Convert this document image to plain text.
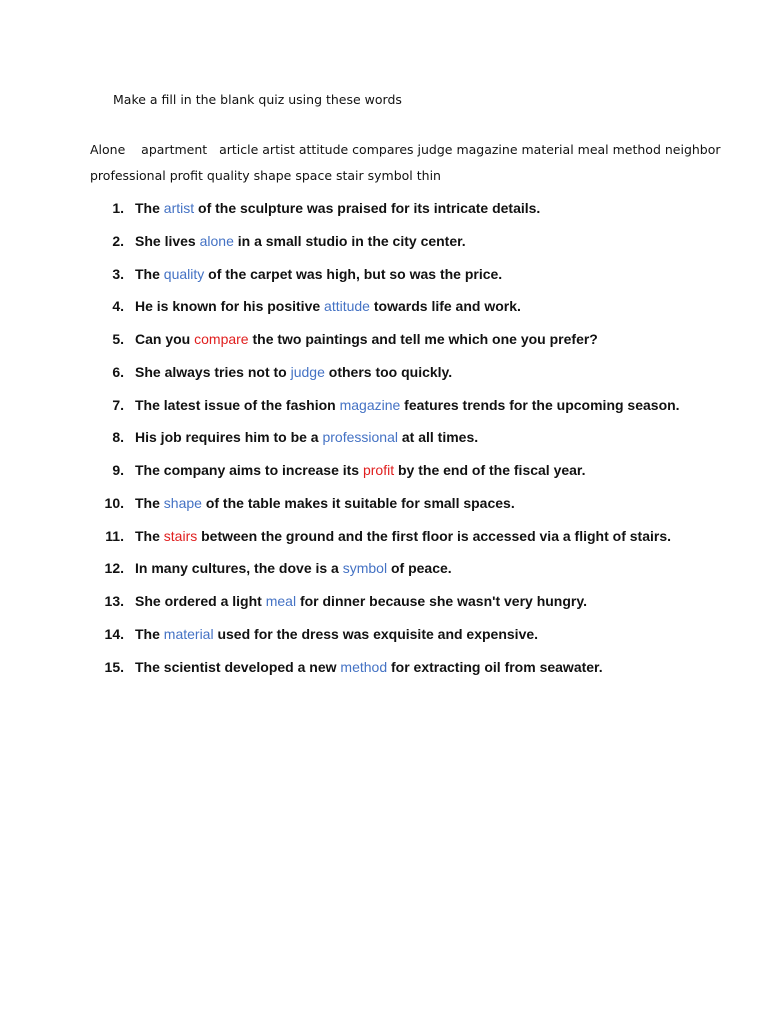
Make a fill in the blank quiz using these words
Alone    apartment   article artist attitude compares judge magazine material meal method neighbor
professional profit quality shape space stair symbol thin
1. The artist of the sculpture was praised for its intricate details.
2. She lives alone in a small studio in the city center.
3. The quality of the carpet was high, but so was the price.
4. He is known for his positive attitude towards life and work.
5. Can you compare the two paintings and tell me which one you prefer?
6. She always tries not to judge others too quickly.
7. The latest issue of the fashion magazine features trends for the upcoming season.
8. His job requires him to be a professional at all times.
9. The company aims to increase its profit by the end of the fiscal year.
10. The shape of the table makes it suitable for small spaces.
11. The stairs between the ground and the first floor is accessed via a flight of stairs.
12. In many cultures, the dove is a symbol of peace.
13. She ordered a light meal for dinner because she wasn't very hungry.
14. The material used for the dress was exquisite and expensive.
15. The scientist developed a new method for extracting oil from seawater.
